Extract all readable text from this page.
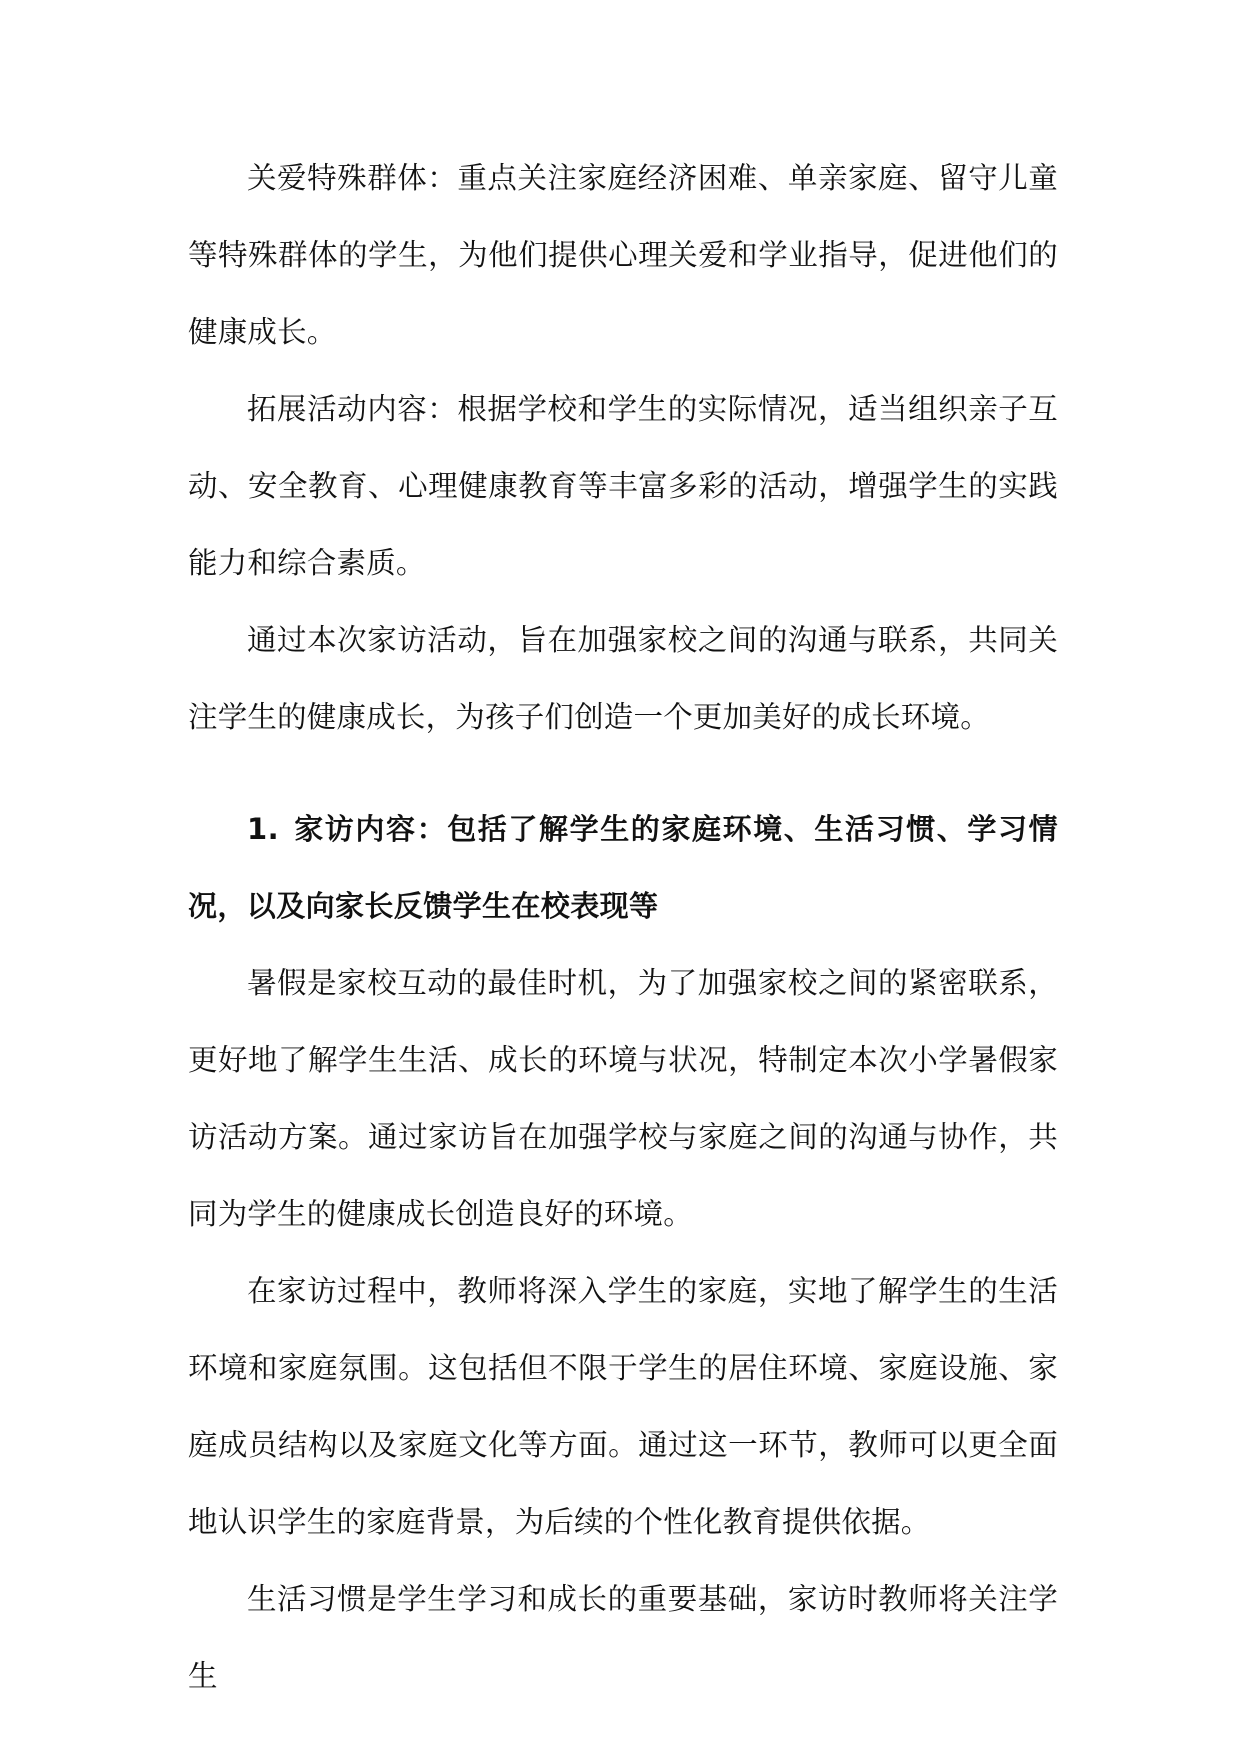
关爱特殊群体：重点关注家庭经济困难、单亲家庭、留守儿童等特殊群体的学生，为他们提供心理关爱和学业指导，促进他们的健康成长。

拓展活动内容：根据学校和学生的实际情况，适当组织亲子互动、安全教育、心理健康教育等丰富多彩的活动，增强学生的实践能力和综合素质。

通过本次家访活动，旨在加强家校之间的沟通与联系，共同关注学生的健康成长，为孩子们创造一个更加美好的成长环境。

1. 家访内容：包括了解学生的家庭环境、生活习惯、学习情况，以及向家长反馈学生在校表现等

暑假是家校互动的最佳时机，为了加强家校之间的紧密联系，更好地了解学生生活、成长的环境与状况，特制定本次小学暑假家访活动方案。通过家访旨在加强学校与家庭之间的沟通与协作，共同为学生的健康成长创造良好的环境。

在家访过程中，教师将深入学生的家庭，实地了解学生的生活环境和家庭氛围。这包括但不限于学生的居住环境、家庭设施、家庭成员结构以及家庭文化等方面。通过这一环节，教师可以更全面地认识学生的家庭背景，为后续的个性化教育提供依据。

生活习惯是学生学习和成长的重要基础，家访时教师将关注学生
